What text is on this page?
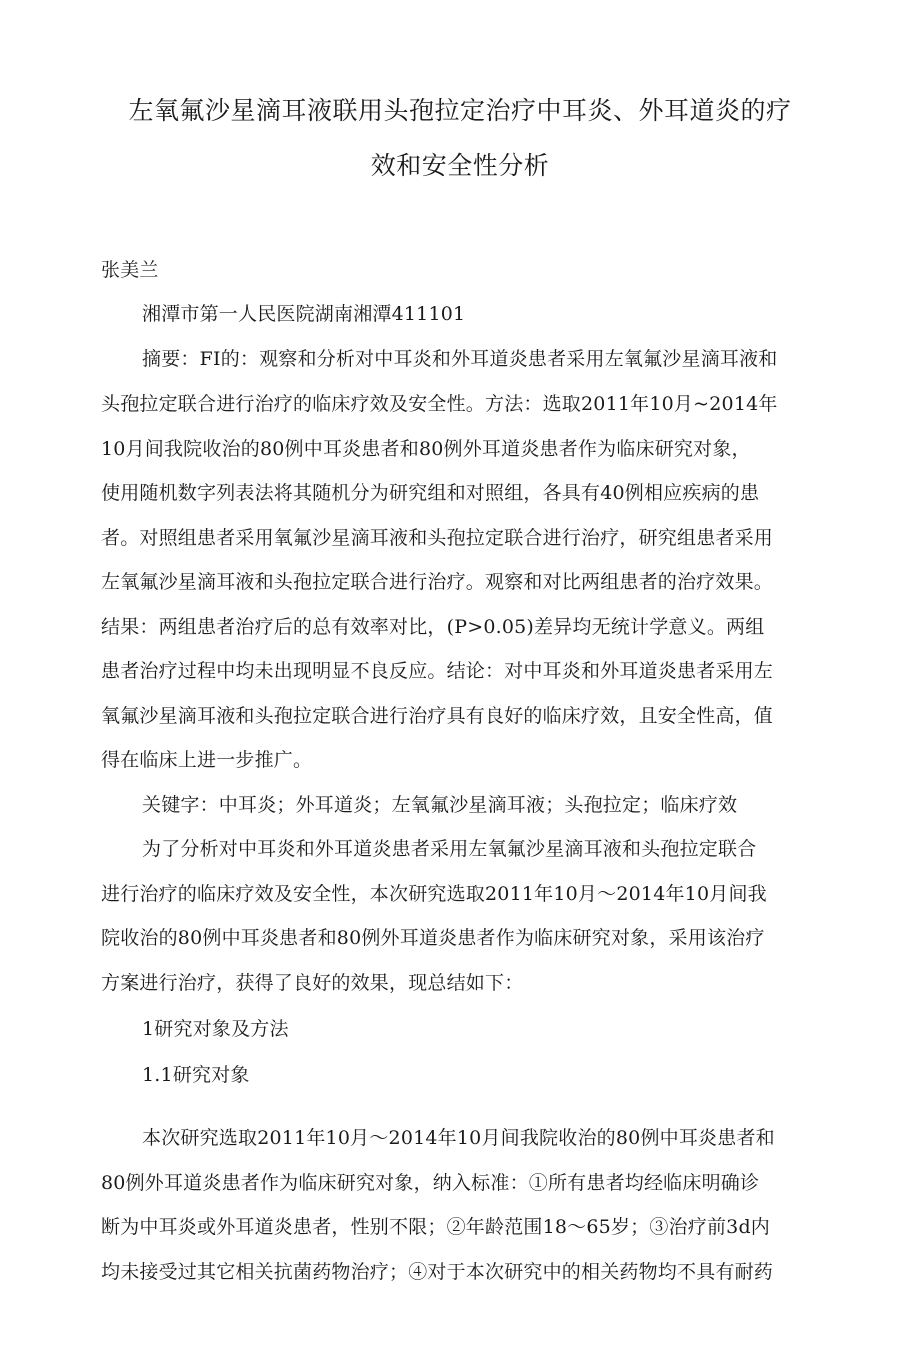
左氧氟沙星滴耳液联用头孢拉定治疗中耳炎、外耳道炎的疗
效和安全性分析
张美兰
湘潭市第一人民医院湖南湘潭411101
摘要：FI的：观察和分析对中耳炎和外耳道炎患者采用左氧氟沙星滴耳液和
头孢拉定联合进行治疗的临床疗效及安全性。方法：选取2011年10月~2014年
10月间我院收治的80例中耳炎患者和80例外耳道炎患者作为临床研究对象，
使用随机数字列表法将其随机分为研究组和对照组，各具有40例相应疾病的患
者。对照组患者采用氧氟沙星滴耳液和头孢拉定联合进行治疗，研究组患者采用
左氧氟沙星滴耳液和头孢拉定联合进行治疗。观察和对比两组患者的治疗效果。
结果：两组患者治疗后的总有效率对比，(P>0.05)差异均无统计学意义。两组
患者治疗过程中均未出现明显不良反应。结论：对中耳炎和外耳道炎患者采用左
氧氟沙星滴耳液和头孢拉定联合进行治疗具有良好的临床疗效，且安全性高，值
得在临床上进一步推广。
关键字：中耳炎；外耳道炎；左氧氟沙星滴耳液；头孢拉定；临床疗效
为了分析对中耳炎和外耳道炎患者采用左氧氟沙星滴耳液和头孢拉定联合
进行治疗的临床疗效及安全性，本次研究选取2011年10月～2014年10月间我
院收治的80例中耳炎患者和80例外耳道炎患者作为临床研究对象，采用该治疗
方案进行治疗，获得了良好的效果，现总结如下：
1研究对象及方法
1.1研究对象
本次研究选取2011年10月～2014年10月间我院收治的80例中耳炎患者和
80例外耳道炎患者作为临床研究对象，纳入标准：①所有患者均经临床明确诊
断为中耳炎或外耳道炎患者，性别不限；②年龄范围18～65岁；③治疗前3d内
均未接受过其它相关抗菌药物治疗；④对于本次研究中的相关药物均不具有耐药
